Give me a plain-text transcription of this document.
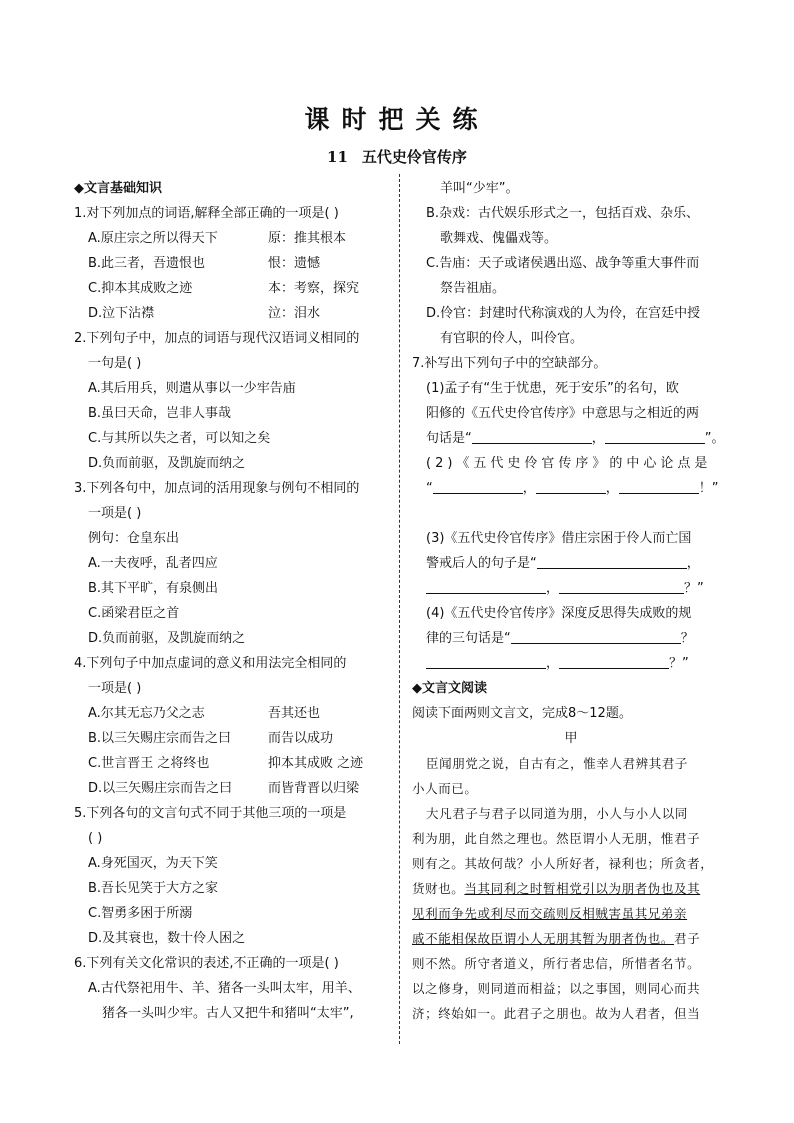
课时把关练
11 五代史伶官传序
◆文言基础知识
1.对下列加点的词语,解释全部正确的一项是( )
A.原庄宗之所以得天下	原：推其根本
B.此三者，吾遗恨也	恨：遗憾
C.抑本其成败之迹	本：考察，探究
D.泣下沾襟	泣：泪水
2.下列句子中，加点的词语与现代汉语词义相同的
一句是( )
A.其后用兵，则遣从事以一少牢告庙
B.虽曰天命，岂非人事哉
C.与其所以失之者，可以知之矣
D.负而前驱，及凯旋而纳之
3.下列各句中，加点词的活用现象与例句不相同的
一项是( )
例句：仓皇东出
A.一夫夜呼，乱者四应
B.其下平旷，有泉侧出
C.函梁君臣之首
D.负而前驱，及凯旋而纳之
4.下列句子中加点虚词的意义和用法完全相同的
一项是( )
A.尔其无忘乃父之志	吾其还也
B.以三矢赐庄宗而告之曰	而告以成功
C.世言晋王 之将终也	抑本其成败 之迹
D.以三矢赐庄宗而告之曰	而皆背晋以归梁
5.下列各句的文言句式不同于其他三项的一项是
( )
A.身死国灭，为天下笑
B.吾长见笑于大方之家
C.智勇多困于所溺
D.及其衰也，数十伶人困之
6.下列有关文化常识的表述,不正确的一项是( )
A.古代祭祀用牛、羊、猪各一头叫太牢，用羊、
猪各一头叫少牢。古人又把牛和猪叫“太牢”,
羊叫“少牢”。
B.杂戏：古代娱乐形式之一，包括百戏、杂乐、
歌舞戏、傀儡戏等。
C.告庙：天子或诸侯遇出巡、战争等重大事件而
祭告祖庙。
D.伶官：封建时代称演戏的人为伶，在宫廷中授
有官职的伶人，叫伶官。
7.补写出下列句子中的空缺部分。
(1)孟子有“生于忧患，死于安乐”的名句，欧
阳修的《五代史伶官传序》中意思与之相近的两
句话是“	，	”。
(2)《五代史伶官传序》的中心论点是
“	，	，	！”
(3)《五代史伶官传序》借庄宗困于伶人而亡国
警戒后人的句子是“	，
，	？”
(4)《五代史伶官传序》深度反思得失成败的规
律的三句话是“	？
，	？”
◆文言文阅读
阅读下面两则文言文，完成8～12题。
甲
臣闻朋党之说，自古有之，惟幸人君辨其君子
小人而已。
大凡君子与君子以同道为朋，小人与小人以同
利为朋，此自然之理也。然臣谓小人无朋，惟君子
则有之。其故何哉？小人所好者，禄利也；所贪者，
货财也。当其同利之时暂相党引以为朋者伪也及其
见利而争先或利尽而交疏则反相贼害虽其兄弟亲
戚不能相保故臣谓小人无朋其暂为朋者伪也。君子
则不然。所守者道义，所行者忠信，所惜者名节。
以之修身，则同道而相益；以之事国，则同心而共
济；终始如一。此君子之朋也。故为人君者，但当
